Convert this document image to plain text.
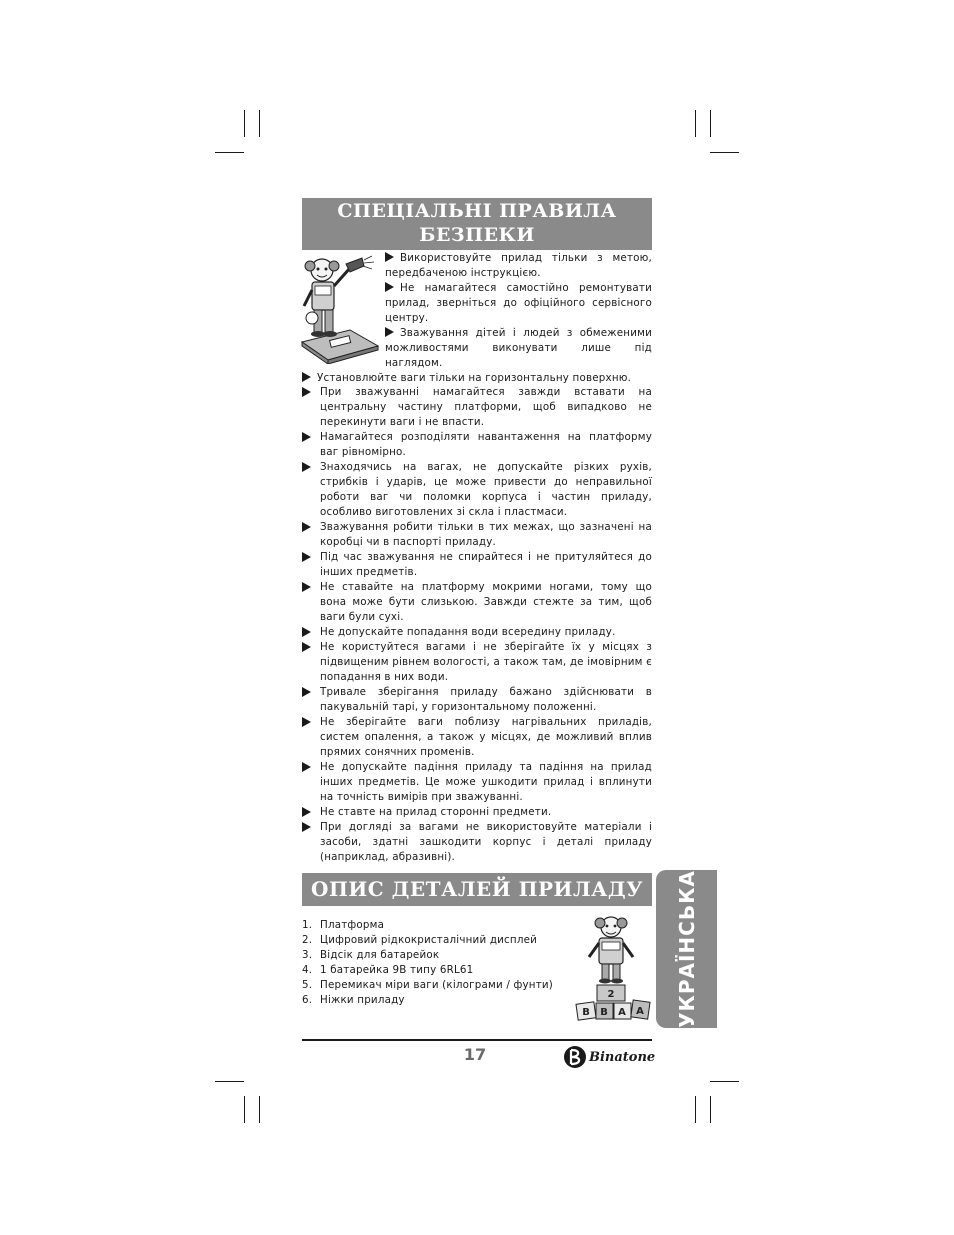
СПЕЦІАЛЬНІ ПРАВИЛА
БЕЗПЕКИ
Використовуйте прилад тільки з метою, передбаченою інструкцією.
Не намагайтеся самостійно ремонтувати прилад, зверніться до офіційного сервісного центру.
Зважування дітей і людей з обмеженими можливостями виконувати лише під наглядом.
Установлюйте ваги тільки на горизонтальну поверхню.
При зважуванні намагайтеся завжди вставати на центральну частину платформи, щоб випадково не перекинути ваги і не впасти.
Намагайтеся розподіляти навантаження на платформу ваг рівномірно.
Знаходячись на вагах, не допускайте різких рухів, стрибків і ударів, це може привести до неправильної роботи ваг чи поломки корпуса і частин приладу, особливо виготовлених зі скла і пластмаси.
Зважування робити тільки в тих межах, що зазначені на коробці чи в паспорті приладу.
Під час зважування не спирайтеся і не притуляйтеся до інших предметів.
Не ставайте на платформу мокрими ногами, тому що вона може бути слизькою. Завжди стежте за тим, щоб ваги були сухі.
Не допускайте попадання води всередину приладу.
Не користуйтеся вагами і не зберігайте їх у місцях з підвищеним рівнем вологості, а також там, де імовірним є попадання в них води.
Тривале зберігання приладу бажано здійснювати в пакувальній тарі, у горизонтальному положенні.
Не зберігайте ваги поблизу нагрівальних приладів, систем опалення, а також у місцях, де можливий вплив прямих сонячних променів.
Не допускайте падіння приладу та падіння на прилад інших предметів. Це може ушкодити прилад і вплинути на точність вимірів при зважуванні.
Не ставте на прилад сторонні предмети.
При догляді за вагами не використовуйте матеріали і засоби, здатні зашкодити корпус і деталі приладу (наприклад, абразивні).
ОПИС ДЕТАЛЕЙ ПРИЛАДУ
1. Платформа
2. Цифровий рідкокристалічний дисплей
3. Відсік для батарейок
4. 1 батарейка 9В типу 6RL61
5. Перемикач міри ваги (кілограми / фунти)
6. Ніжки приладу	2
В В А А УКРАЇНСЬКА
17	Binatone
